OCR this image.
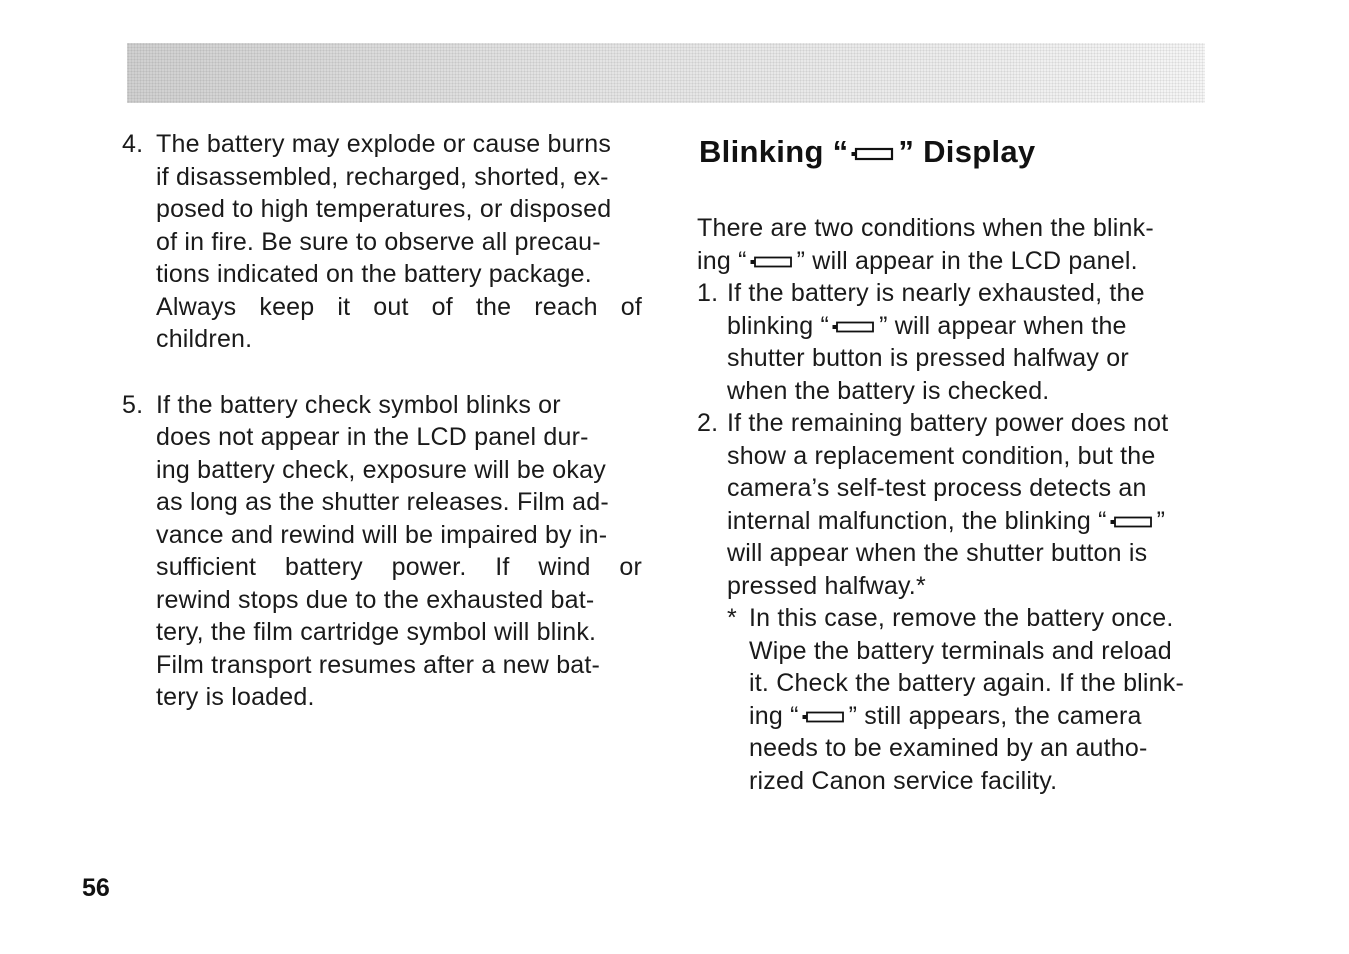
4. The battery may explode or cause burns
if disassembled, recharged, shorted, ex-
posed to high temperatures, or disposed
of in fire. Be sure to observe all precau-
tions indicated on the battery package.
Always keep it out of the reach of
children.
5. If the battery check symbol blinks or
does not appear in the LCD panel dur-
ing battery check, exposure will be okay
as long as the shutter releases. Film ad-
vance and rewind will be impaired by in-
sufficient battery power. If wind or
rewind stops due to the exhausted bat-
tery, the film cartridge symbol will blink.
Film transport resumes after a new bat-
tery is loaded.
Blinking “ ” Display
There are two conditions when the blink-
ing “ ” will appear in the LCD panel.
1. If the battery is nearly exhausted, the
blinking “ ” will appear when the
shutter button is pressed halfway or
when the battery is checked.
2. If the remaining battery power does not
show a replacement condition, but the
camera’s self-test process detects an
internal malfunction, the blinking “ ”
will appear when the shutter button is
pressed halfway.*
* In this case, remove the battery once.
Wipe the battery terminals and reload
it. Check the battery again. If the blink-
ing “ ” still appears, the camera
needs to be examined by an autho-
rized Canon service facility.
56
